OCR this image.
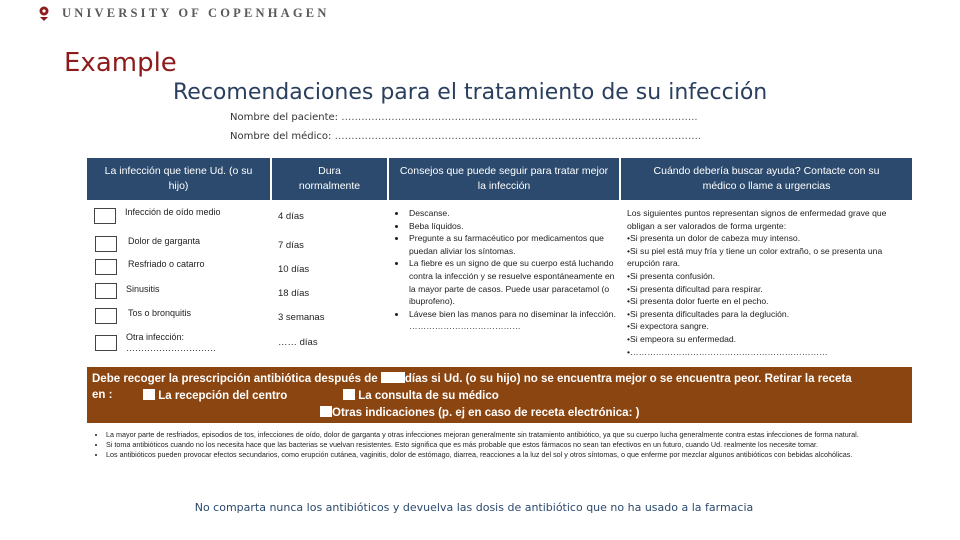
UNIVERSITY OF COPENHAGEN
Example
Recomendaciones para el tratamiento de su infección
Nombre del paciente: ……………………………………………………………………………………………..
Nombre del médico: ………………………………………………………………………………………………..
La infección que tiene Ud. (o su hijo)
Dura normalmente
Consejos que puede seguir para tratar mejor la infección
Cuándo debería buscar ayuda? Contacte con su médico o llame a urgencias
Infección de oído medio	4 días
Dolor de garganta	7 días
Resfriado o catarro	10 días
Sinusitis	18 días
Tos o bronquitis	3 semanas
Otra infección:
…………………………	…… días
• Descanse.
• Beba líquidos.
• Pregunte a su farmacéutico por medicamentos que puedan aliviar los síntomas.
• La fiebre es un signo de que su cuerpo está luchando contra la infección y se resuelve espontáneamente en la mayor parte de casos. Puede usar paracetamol (o ibuprofeno).
• Lávese bien las manos para no diseminar la infección. …………………………………
Los siguientes puntos representan signos de enfermedad grave que obligan a ser valorados de forma urgente:
•Si presenta un dolor de cabeza muy intenso.
•Si su piel está muy fría y tiene un color extraño, o se presenta una erupción rara.
•Si presenta confusión.
•Si presenta dificultad para respirar.
•Si presenta dolor fuerte en el pecho.
•Si presenta dificultades para la deglución.
•Si expectora sangre.
•Si empeora su enfermedad.
•……………………………………………………………
Debe recoger la prescripción antibiótica después de días si Ud. (o su hijo) no se encuentra mejor o se encuentra peor. Retirar la receta
en :	La recepción del centro	La consulta de su médico
Otras indicaciones (p. ej en caso de receta electrónica: )
• La mayor parte de resfriados, episodios de tos, infecciones de oído, dolor de garganta y otras infecciones mejoran generalmente sin tratamiento antibiótico, ya que su cuerpo lucha generalmente contra estas infecciones de forma natural.
• Si toma antibióticos cuando no los necesita hace que las bacterias se vuelvan resistentes. Esto significa que es más probable que estos fármacos no sean tan efectivos en un futuro, cuando Ud. realmente los necesite tomar.
• Los antibióticos pueden provocar efectos secundarios, como erupción cutánea, vaginitis, dolor de estómago, diarrea, reacciones a la luz del sol y otros síntomas, o que enferme por mezclar algunos antibióticos con bebidas alcohólicas.
No comparta nunca los antibióticos y devuelva las dosis de antibiótico que no ha usado a la farmacia
